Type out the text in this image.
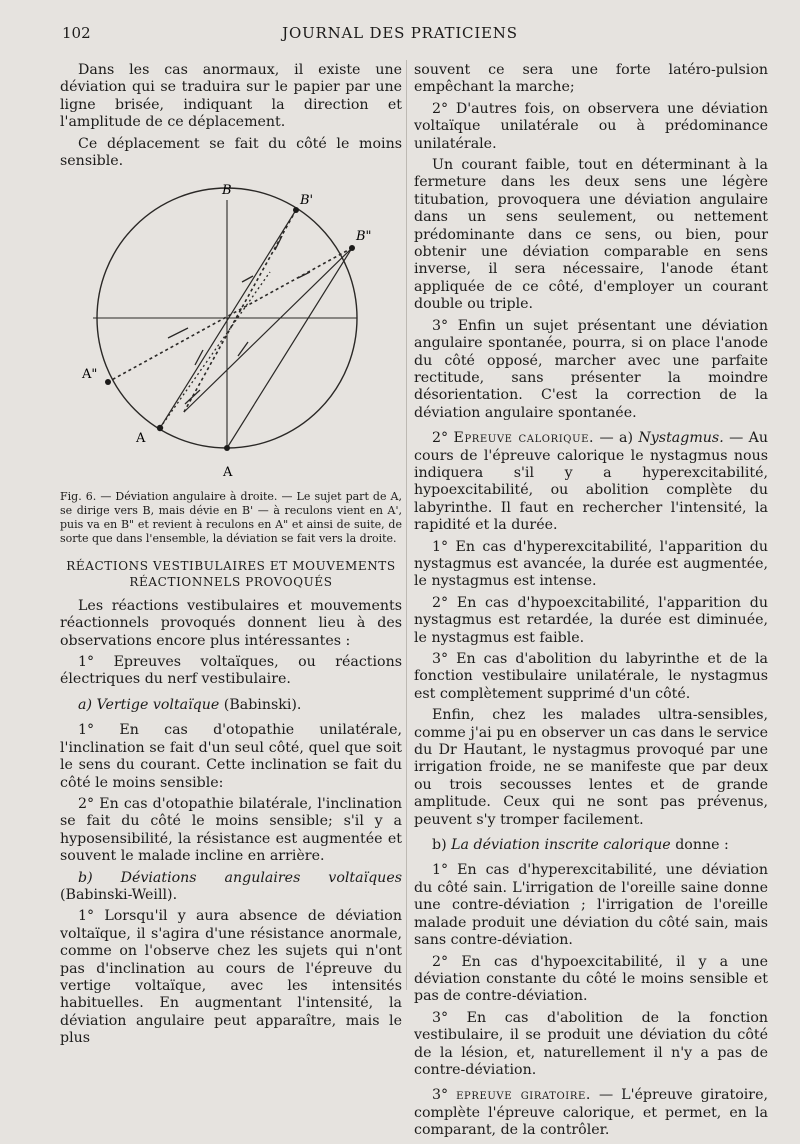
102	JOURNAL DES PRATICIENS

Dans les cas anormaux, il existe une déviation qui se traduira sur le papier par une ligne brisée, indiquant la direction et l'amplitude de ce déplacement.

Ce déplacement se fait du côté le moins sensible.

B
B'
B"
A"
A
A

Fig. 6. — Déviation angulaire à droite. — Le sujet part de A, se dirige vers B, mais dévie en B' — à reculons vient en A', puis va en B" et revient à reculons en A" et ainsi de suite, de sorte que dans l'ensemble, la déviation se fait vers la droite.

RÉACTIONS VESTIBULAIRES ET MOUVEMENTS RÉACTIONNELS PROVOQUÉS

Les réactions vestibulaires et mouvements réactionnels provoqués donnent lieu à des observations encore plus intéressantes :

1° Epreuves voltaïques, ou réactions électriques du nerf vestibulaire.

a) Vertige voltaïque (Babinski).

1° En cas d'otopathie unilatérale, l'inclination se fait d'un seul côté, quel que soit le sens du courant. Cette inclination se fait du côté le moins sensible:

2° En cas d'otopathie bilatérale, l'inclination se fait du côté le moins sensible; s'il y a hyposensibilité, la résistance est augmentée et souvent le malade incline en arrière.

b) Déviations angulaires voltaïques (Babinski-Weill).

1° Lorsqu'il y aura absence de déviation voltaïque, il s'agira d'une résistance anormale, comme on l'observe chez les sujets qui n'ont pas d'inclination au cours de l'épreuve du vertige voltaïque, avec les intensités habituelles. En augmentant l'intensité, la déviation angulaire peut apparaître, mais le plus

souvent ce sera une forte latéro-pulsion empêchant la marche;

2° D'autres fois, on observera une déviation voltaïque unilatérale ou à prédominance unilatérale.

Un courant faible, tout en déterminant à la fermeture dans les deux sens une légère titubation, provoquera une déviation angulaire dans un sens seulement, ou nettement prédominante dans ce sens, ou bien, pour obtenir une déviation comparable en sens inverse, il sera nécessaire, l'anode étant appliquée de ce côté, d'employer un courant double ou triple.

3° Enfin un sujet présentant une déviation angulaire spontanée, pourra, si on place l'anode du côté opposé, marcher avec une parfaite rectitude, sans présenter la moindre désorientation. C'est la correction de la déviation angulaire spontanée.

2° Epreuve calorique. — a) Nystagmus. — Au cours de l'épreuve calorique le nystagmus nous indiquera s'il y a hyperexcitabilité, hypoexcitabilité, ou abolition complète du labyrinthe. Il faut en rechercher l'intensité, la rapidité et la durée.

1° En cas d'hyperexcitabilité, l'apparition du nystagmus est avancée, la durée est augmentée, le nystagmus est intense.

2° En cas d'hypoexcitabilité, l'apparition du nystagmus est retardée, la durée est diminuée, le nystagmus est faible.

3° En cas d'abolition du labyrinthe et de la fonction vestibulaire unilatérale, le nystagmus est complètement supprimé d'un côté.

Enfin, chez les malades ultra-sensibles, comme j'ai pu en observer un cas dans le service du Dr Hautant, le nystagmus provoqué par une irrigation froide, ne se manifeste que par deux ou trois secousses lentes et de grande amplitude. Ceux qui ne sont pas prévenus, peuvent s'y tromper facilement.

b) La déviation inscrite calorique donne :

1° En cas d'hyperexcitabilité, une déviation du côté sain. L'irrigation de l'oreille saine donne une contre-déviation ; l'irrigation de l'oreille malade produit une déviation du côté sain, mais sans contre-déviation.

2° En cas d'hypoexcitabilité, il y a une déviation constante du côté le moins sensible et pas de contre-déviation.

3° En cas d'abolition de la fonction vestibulaire, il se produit une déviation du côté de la lésion, et, naturellement il n'y a pas de contre-déviation.

3° epreuve giratoire. — L'épreuve giratoire, complète l'épreuve calorique, et permet, en la comparant, de la contrôler.
